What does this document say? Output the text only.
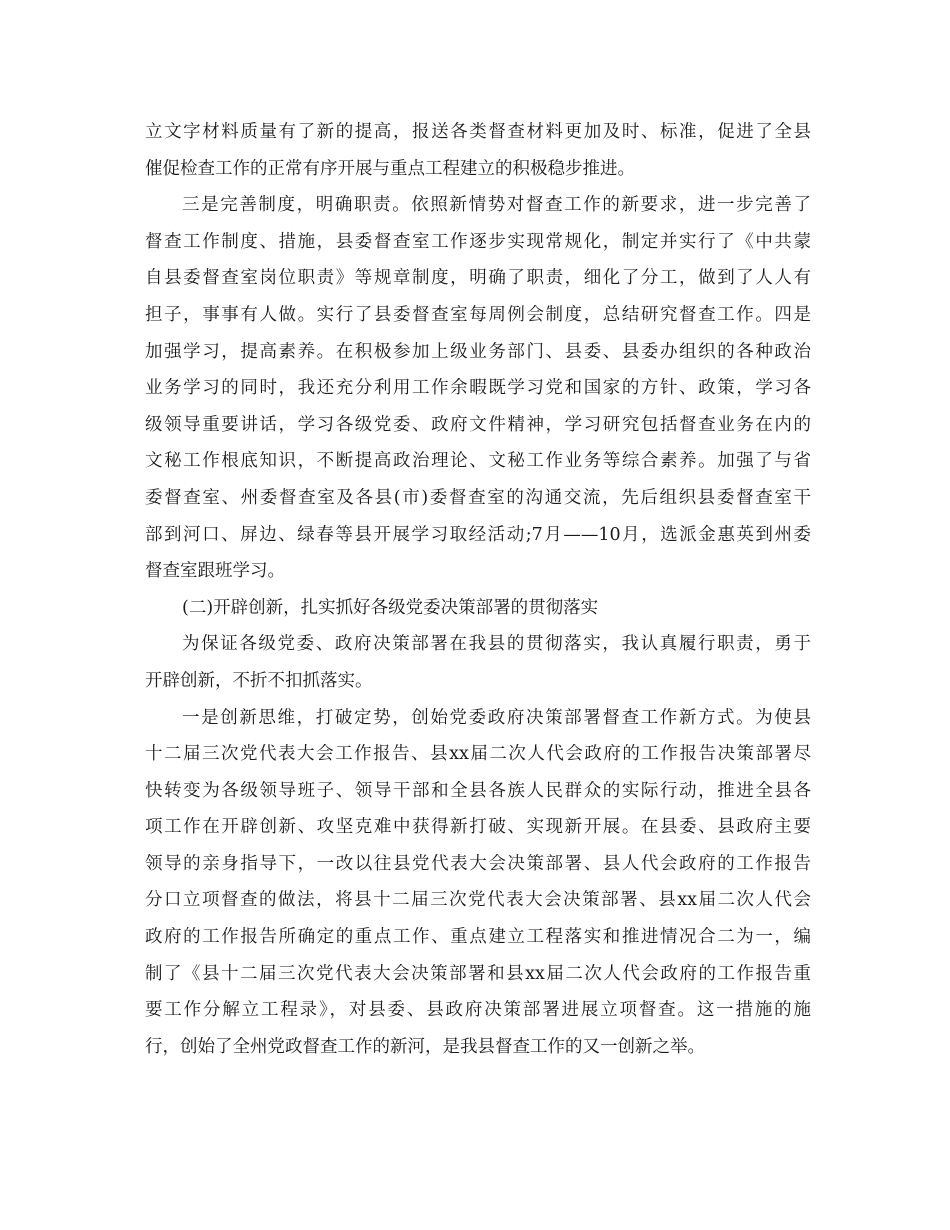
立文字材料质量有了新的提高，报送各类督查材料更加及时、标准，促进了全县
催促检查工作的正常有序开展与重点工程建立的积极稳步推进。
三是完善制度，明确职责。依照新情势对督查工作的新要求，进一步完善了
督查工作制度、措施，县委督查室工作逐步实现常规化，制定并实行了《中共蒙
自县委督查室岗位职责》等规章制度，明确了职责，细化了分工，做到了人人有
担子，事事有人做。实行了县委督查室每周例会制度，总结研究督查工作。四是
加强学习，提高素养。在积极参加上级业务部门、县委、县委办组织的各种政治
业务学习的同时，我还充分利用工作余暇既学习党和国家的方针、政策，学习各
级领导重要讲话，学习各级党委、政府文件精神，学习研究包括督查业务在内的
文秘工作根底知识，不断提高政治理论、文秘工作业务等综合素养。加强了与省
委督查室、州委督查室及各县(市)委督查室的沟通交流，先后组织县委督查室干
部到河口、屏边、绿春等县开展学习取经活动;7月——10月，选派金惠英到州委
督查室跟班学习。
(二)开辟创新，扎实抓好各级党委决策部署的贯彻落实
为保证各级党委、政府决策部署在我县的贯彻落实，我认真履行职责，勇于
开辟创新，不折不扣抓落实。
一是创新思维，打破定势，创始党委政府决策部署督查工作新方式。为使县
十二届三次党代表大会工作报告、县xx届二次人代会政府的工作报告决策部署尽
快转变为各级领导班子、领导干部和全县各族人民群众的实际行动，推进全县各
项工作在开辟创新、攻坚克难中获得新打破、实现新开展。在县委、县政府主要
领导的亲身指导下，一改以往县党代表大会决策部署、县人代会政府的工作报告
分口立项督查的做法，将县十二届三次党代表大会决策部署、县xx届二次人代会
政府的工作报告所确定的重点工作、重点建立工程落实和推进情况合二为一，编
制了《县十二届三次党代表大会决策部署和县xx届二次人代会政府的工作报告重
要工作分解立工程录》，对县委、县政府决策部署进展立项督查。这一措施的施
行，创始了全州党政督查工作的新河，是我县督查工作的又一创新之举。
